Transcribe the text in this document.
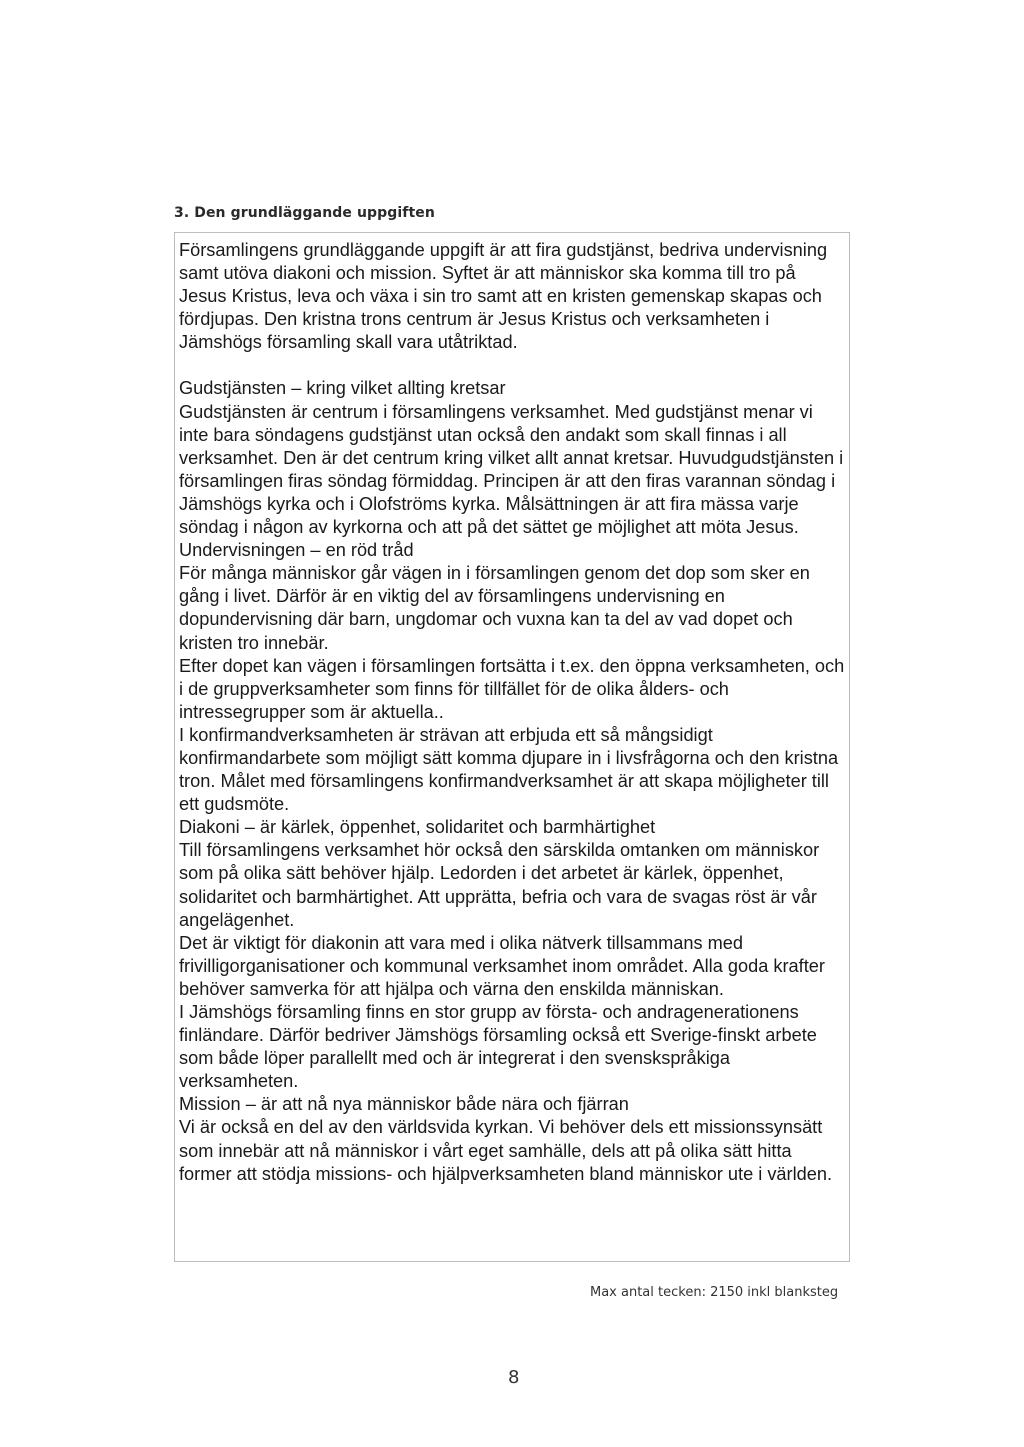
3. Den grundläggande uppgiften

Församlingens grundläggande uppgift är att fira gudstjänst, bedriva undervisning samt utöva diakoni och mission. Syftet är att människor ska komma till tro på Jesus Kristus, leva och växa i sin tro samt att en kristen gemenskap skapas och fördjupas. Den kristna trons centrum är Jesus Kristus och verksamheten i Jämshögs församling skall vara utåtriktad.

Gudstjänsten – kring vilket allting kretsar

Gudstjänsten är centrum i församlingens verksamhet. Med gudstjänst menar vi inte bara söndagens gudstjänst utan också den andakt som skall finnas i all verksamhet. Den är det centrum kring vilket allt annat kretsar. Huvudgudstjänsten i församlingen firas söndag förmiddag. Principen är att den firas varannan söndag i Jämshögs kyrka och i Olofströms kyrka. Målsättningen är att fira mässa varje söndag i någon av kyrkorna och att på det sättet ge möjlighet att möta Jesus.

Undervisningen – en röd tråd

För många människor går vägen in i församlingen genom det dop som sker en gång i livet. Därför är en viktig del av församlingens undervisning en dopundervisning där barn, ungdomar och vuxna kan ta del av vad dopet och kristen tro innebär.

Efter dopet kan vägen i församlingen fortsätta i t.ex. den öppna verksamheten, och i de gruppverksamheter som finns för tillfället för de olika ålders- och intressegrupper som är aktuella..

I konfirmandverksamheten är strävan att erbjuda ett så mångsidigt konfirmandarbete som möjligt sätt komma djupare in i livsfrågorna och den kristna tron. Målet med församlingens konfirmandverksamhet är att skapa möjligheter till ett gudsmöte.

Diakoni – är kärlek, öppenhet, solidaritet och barmhärtighet

Till församlingens verksamhet hör också den särskilda omtanken om människor som på olika sätt behöver hjälp. Ledorden i det arbetet är kärlek, öppenhet, solidaritet och barmhärtighet. Att upprätta, befria och vara de svagas röst är vår angelägenhet.

Det är viktigt för diakonin att vara med i olika nätverk tillsammans med frivilligorganisationer och kommunal verksamhet inom området. Alla goda krafter behöver samverka för att hjälpa och värna den enskilda människan.

I Jämshögs församling finns en stor grupp av första- och andragenerationens finländare. Därför bedriver Jämshögs församling också ett Sverige-finskt arbete som både löper parallellt med och är integrerat i den svenskspråkiga verksamheten.

Mission – är att nå nya människor både nära och fjärran

Vi är också en del av den världsvida kyrkan. Vi behöver dels ett missionssynsätt som innebär att nå människor i vårt eget samhälle, dels att på olika sätt hitta former att stödja missions- och hjälpverksamheten bland människor ute i världen.

Max antal tecken: 2150 inkl blanksteg
8
